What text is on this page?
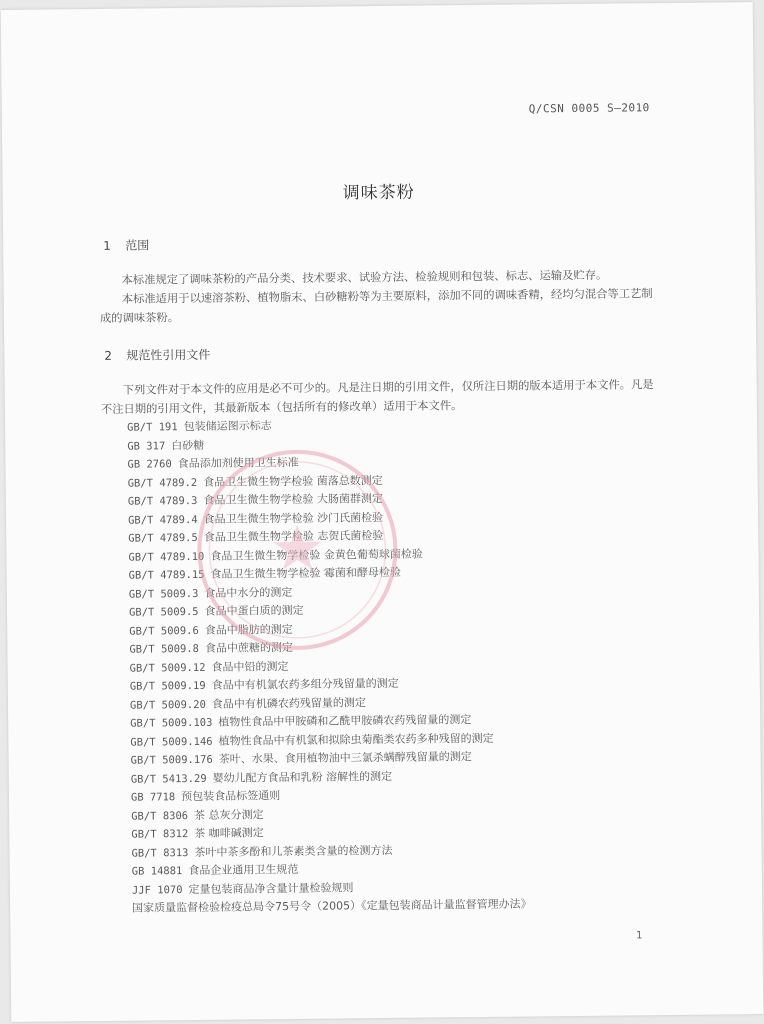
Q/CSN 0005 S—2010
调味茶粉
1 范围
本标准规定了调味茶粉的产品分类、技术要求、试验方法、检验规则和包装、标志、运输及贮存。
本标准适用于以速溶茶粉、植物脂末、白砂糖粉等为主要原料，添加不同的调味香精，经均匀混合等工艺制成的调味茶粉。
2 规范性引用文件
下列文件对于本文件的应用是必不可少的。凡是注日期的引用文件，仅所注日期的版本适用于本文件。凡是不注日期的引用文件，其最新版本（包括所有的修改单）适用于本文件。
GB/T 191 包装储运图示标志
GB 317 白砂糖
GB 2760 食品添加剂使用卫生标准
GB/T 4789.2 食品卫生微生物学检验 菌落总数测定
GB/T 4789.3 食品卫生微生物学检验 大肠菌群测定
GB/T 4789.4 食品卫生微生物学检验 沙门氏菌检验
GB/T 4789.5 食品卫生微生物学检验 志贺氏菌检验
GB/T 4789.10 食品卫生微生物学检验 金黄色葡萄球菌检验
GB/T 4789.15 食品卫生微生物学检验 霉菌和酵母检验
GB/T 5009.3 食品中水分的测定
GB/T 5009.5 食品中蛋白质的测定
GB/T 5009.6 食品中脂肪的测定
GB/T 5009.8 食品中蔗糖的测定
GB/T 5009.12 食品中铅的测定
GB/T 5009.19 食品中有机氯农药多组分残留量的测定
GB/T 5009.20 食品中有机磷农药残留量的测定
GB/T 5009.103 植物性食品中甲胺磷和乙酰甲胺磷农药残留量的测定
GB/T 5009.146 植物性食品中有机氯和拟除虫菊酯类农药多种残留的测定
GB/T 5009.176 茶叶、水果、食用植物油中三氯杀螨醇残留量的测定
GB/T 5413.29 婴幼儿配方食品和乳粉 溶解性的测定
GB 7718 预包装食品标签通则
GB/T 8306 茶 总灰分测定
GB/T 8312 茶 咖啡碱测定
GB/T 8313 茶叶中茶多酚和儿茶素类含量的检测方法
GB 14881 食品企业通用卫生规范
JJF 1070 定量包装商品净含量计量检验规则
国家质量监督检验检疫总局令75号令（2005）《定量包装商品计量监督管理办法》
1
